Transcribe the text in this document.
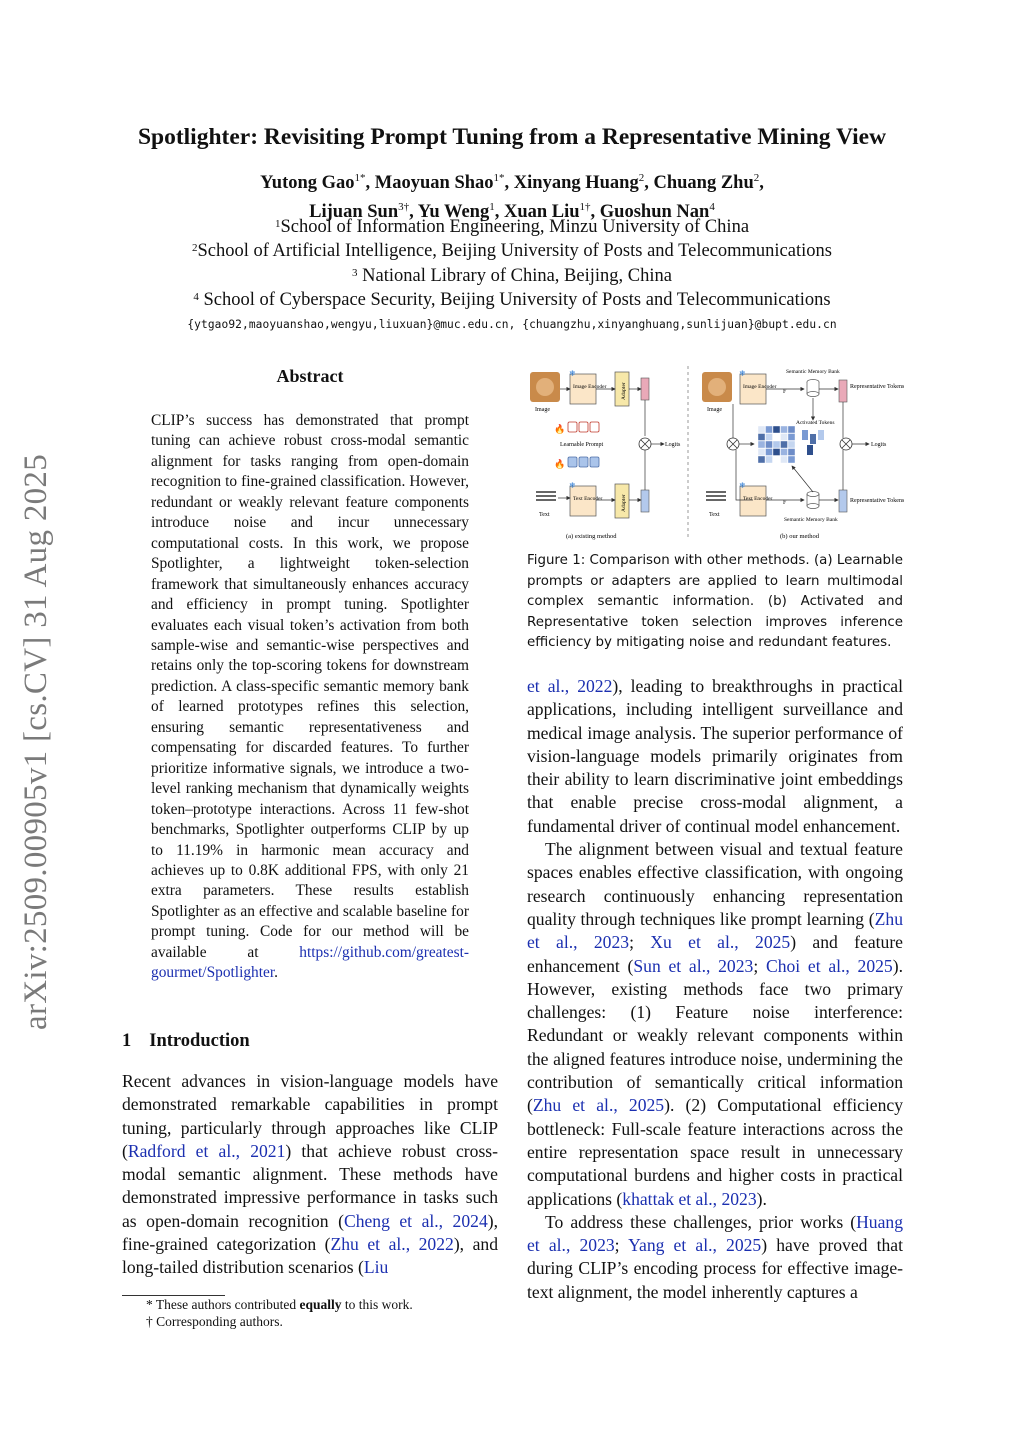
arXiv:2509.00905v1 [cs.CV] 31 Aug 2025
Spotlighter: Revisiting Prompt Tuning from a Representative Mining View
Yutong Gao$^{1*}$, Maoyuan Shao$^{1*}$, Xinyang Huang$^2$, Chuang Zhu$^2$,
Lijuan Sun$^{3\dagger}$, Yu Weng$^1$, Xuan Liu$^{1\dagger}$, Guoshun Nan$^4$
$^1$School of Information Engineering, Minzu University of China
$^2$School of Artificial Intelligence, Beijing University of Posts and Telecommunications
$^3$ National Library of China, Beijing, China
$^4$ School of Cyberspace Security, Beijing University of Posts and Telecommunications
{ytgao92,maoyuanshao,wengyu,liuxuan}@muc.edu.cn, {chuangzhu,xinyanghuang,sunlijuan}@bupt.edu.cn
Abstract
CLIP’s success has demonstrated that prompt tuning can achieve robust cross-modal semantic alignment for tasks ranging from open-domain recognition to fine-grained classification. However, redundant or weakly relevant feature components introduce noise and incur unnecessary computational costs. In this work, we propose Spotlighter, a lightweight token-selection framework that simultaneously enhances accuracy and efficiency in prompt tuning. Spotlighter evaluates each visual token’s activation from both sample-wise and semantic-wise perspectives and retains only the top-scoring tokens for downstream prediction. A class-specific semantic memory bank of learned prototypes refines this selection, ensuring semantic representativeness and compensating for discarded features. To further prioritize informative signals, we introduce a two-level ranking mechanism that dynamically weights token–prototype interactions. Across 11 few-shot benchmarks, Spotlighter outperforms CLIP by up to 11.19% in harmonic mean accuracy and achieves up to 0.8K additional FPS, with only 21 extra parameters. These results establish Spotlighter as an effective and scalable baseline for prompt tuning. Code for our method will be available at https://github.com/greatest-gourmet/Spotlighter.
1 Introduction
Recent advances in vision-language models have demonstrated remarkable capabilities in prompt tuning, particularly through approaches like CLIP (Radford et al., 2021) that achieve robust cross-modal semantic alignment. These methods have demonstrated impressive performance in tasks such as open-domain recognition (Cheng et al., 2024), fine-grained categorization (Zhu et al., 2022), and long-tailed distribution scenarios (Liu
* These authors contributed equally to this work.
† Corresponding authors.
Image
Image Encoder
❄
Adapter
🔥
Learnable Prompt	Logits
🔥
Text
Text Encoder
❄
Adapter
(a) existing method
Image
Image Encoder
❄	Semantic Memory Bank
F
Representative Tokens
Activated Tokens
Logits
Text
Text Encoder
❄
F
Semantic Memory Bank
Representative Tokens
(b) our method
Figure 1: Comparison with other methods. (a) Learnable prompts or adapters are applied to learn multimodal complex semantic information. (b) Activated and Representative token selection improves inference efficiency by mitigating noise and redundant features.

et al., 2022), leading to breakthroughs in practical applications, including intelligent surveillance and medical image analysis. The superior performance of vision-language models primarily originates from their ability to learn discriminative joint embeddings that enable precise cross-modal alignment, a fundamental driver of continual model enhancement.

The alignment between visual and textual feature spaces enables effective classification, with ongoing research continuously enhancing representation quality through techniques like prompt learning (Zhu et al., 2023; Xu et al., 2025) and feature enhancement (Sun et al., 2023; Choi et al., 2025). However, existing methods face two primary challenges: (1) Feature noise interference: Redundant or weakly relevant components within the aligned features introduce noise, undermining the contribution of semantically critical information (Zhu et al., 2025). (2) Computational efficiency bottleneck: Full-scale feature interactions across the entire representation space result in unnecessary computational burdens and higher costs in practical applications (khattak et al., 2023).

To address these challenges, prior works (Huang et al., 2023; Yang et al., 2025) have proved that during CLIP’s encoding process for effective image-text alignment, the model inherently captures a
